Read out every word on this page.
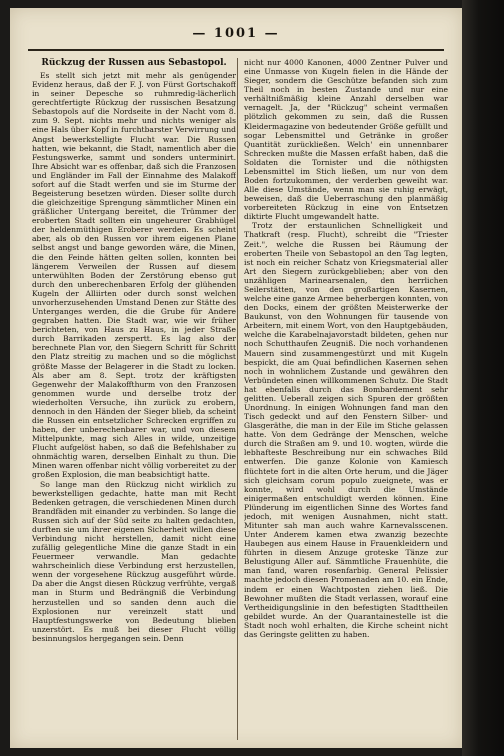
— 1001 —
Rückzug der Russen aus Sebastopol.

Es stellt sich jetzt mit mehr als genügender Evidenz heraus, daß der F. J. von Fürst Gortschakoff in seiner Depesche so ruhmredig-lächerlich gerechtfertigte Rückzug der russischen Besatzung Sebastopols auf die Nordseite in der Nacht vom 8. zum 9. Sept. nichts mehr und nichts weniger als eine Hals über Kopf in furchtbarster Verwirrung und Angst bewerkstelligte Flucht war. Die Russen hatten, wie bekannt, die Stadt, namentlich aber die Festungswerke, sammt und sonders unterminirt. Ihre Absicht war es offenbar, daß sich die Franzosen und Engländer im Fall der Einnahme des Malakoff sofort auf die Stadt werfen und sie im Sturme der Begeisterung besetzen würden. Dieser sollte durch die gleichzeitige Sprengung sämmtlicher Minen ein gräßlicher Untergang bereitet, die Trümmer der eroberten Stadt sollten ein ungeheurer Grabhügel der heldenmüthigen Eroberer werden. Es scheint aber, als ob den Russen vor ihrem eigenen Plane selbst angst und bange geworden wäre, die Minen, die den Feinde hätten gelten sollen, konnten bei längerem Verweilen der Russen auf diesem unterwühlten Boden der Zerstörung ebenso gut durch den unberechenbaren Erfolg der glühenden Kugeln der Alliirten oder durch sonst welchen unvorherzusehenden Umstand Denen zur Stätte des Unterganges werden, die die Grube für Andere gegraben hatten. Die Stadt war, wie wir früher berichteten, von Haus zu Haus, in jeder Straße durch Barrikaden zerspertt. Es lag also der berechnete Plan vor, den Siegern Schritt für Schritt den Platz streitig zu machen und so die möglichst größte Masse der Belagerer in die Stadt zu locken. Als aber am 8. Sept. trotz der kräftigsten Gegenwehr der Malakoffthurm von den Franzosen genommen wurde und derselbe trotz der wiederholten Versuche, ihn zurück zu erobern, dennoch in den Händen der Sieger blieb, da scheint die Russen ein entsetzlicher Schrecken ergriffen zu haben, der unberechenbarer war, und von diesem Mittelpunkte, mag sich Alles in wilde, unzeitige Flucht aufgelöst haben, so daß die Befehlshaber zu ohnmächtig waren, derselben Einhalt zu thun. Die Minen waren offenbar nicht völlig vorbereitet zu der großen Explosion, die man beabsichtigt hatte.

So lange man den Rückzug nicht wirklich zu bewerkstelligen gedachte, hatte man mit Recht Bedenken getragen, die verschiedenen Minen durch Brandfäden mit einander zu verbinden. So lange die Russen sich auf der Süd seite zu halten gedachten, durften sie um ihrer eigenen Sicherheit willen diese Verbindung nicht herstellen, damit nicht eine zufällig gelegentliche Mine die ganze Stadt in ein Feuermeer verwandle. Man gedachte wahrscheinlich diese Verbindung erst herzustellen, wenn der vorgesehene Rückzug ausgeführt würde. Da aber die Angst diesen Rückzug verfrühte, vergaß man in Sturm und Bedrängniß die Verbindung herzustellen und so sanden denn auch die Explosionen nur vereinzelt statt und Hauptfestungswerke von Bedeutung blieben unzerstört. Es muß bei dieser Flucht völlig besinnungslos hergegangen sein. Denn

nicht nur 4000 Kanonen, 4000 Zentner Pulver und eine Unmasse von Kugeln fielen in die Hände der Sieger, sondern die Geschütze befanden sich zum Theil noch in besten Zustande und nur eine verhältnißmäßig kleine Anzahl derselben war vernagelt. Ja, der "Rückzug" scheint vermaßen plötzlich gekommen zu sein, daß die Russen Kleidermagazine von bedeutender Größe gefüllt und sogar Lebensmittel und Getränke in großer Quantität zurückließen. Welch' ein unnennbarer Schrecken mußte die Massen erfaßt haben, daß die Soldaten die Tornister und die nöthigsten Lebensmittel im Stich ließen, um nur von dem Boden fortzukommen, der verderben geweiht war. Alle diese Umstände, wenn man sie ruhig erwägt, beweisen, daß die Ueberraschung den planmäßig vorbereiteten Rückzug in eine von Entsetzen diktirte Flucht umgewandelt hatte.

Trotz der erstaunlichen Schnelligkeit und Thatkraft (resp. Flucht), schreibt die "Triester Zeit.", welche die Russen bei Räumung der eroberten Theile von Sebastopol an den Tag legten, ist noch ein reicher Schatz von Kriegsmaterial aller Art den Siegern zurückgeblieben; aber von den unzähligen Marinearsenalen, den herrlichen Seilerstätten, von den großartigen Kasernen, welche eine ganze Armee beherbergen konnten, von den Docks, einem der größten Meisterwerke der Baukunst, von den Wohnungen für tausende von Arbeitern, mit einem Wort, von den Hauptgebäuden, welche die Karabelnajavorstadt bildeten, gehen nur noch Schutthaufen Zeugniß. Die noch vorhandenen Mauern sind zusammengestürzt und mit Kugeln bespickt, die am Quai befindlichen Kasernen sehen noch in wohnlichem Zustande und gewähren den Verbündeten einen willkommenen Schutz. Die Stadt hat ebenfalls durch das Bombardement sehr gelitten. Ueberall zeigen sich Spuren der größten Unordnung. In einigen Wohnungen fand man den Tisch gedeckt und auf den Fenstern Silber- und Glasgeräthe, die man in der Eile im Stiche gelassen hatte. Von dem Gedränge der Menschen, welche durch die Straßen am 9. und 10. wogten, würde die lebhafteste Beschreibung nur ein schwaches Bild entwerfen. Die ganze Kolonie von Kamiesch flüchtete fort in die alten Orte herum, und die Jäger sich gleichsam corum populo zueignete, was er konnte, wird wohl durch die Umstände einigermaßen entschuldigt werden können. Eine Plünderung im eigentlichen Sinne des Wortes fand jedoch, mit wenigen Ausnahmen, nicht statt. Mitunter sah man auch wahre Karnevalsscenen. Unter Anderem kamen etwa zwanzig bezechte Haubegen aus einem Hause in Frauenkleidern und führten in diesem Anzuge groteske Tänze zur Belustigung Aller auf. Sämmtliche Frauenhüte, die man fand, waren rosenfarbig. General Pelissier machte jedoch diesen Promenaden am 10. ein Ende, indem er einen Wachtposten ziehen ließ. Die Bewohner mußten die Stadt verlassen, worauf eine Vertheidigungslinie in den befestigten Stadttheilen gebildet wurde. An der Quarantainestelle ist die Stadt noch wohl erhalten, die Kirche scheint nicht das Geringste gelitten zu haben.
